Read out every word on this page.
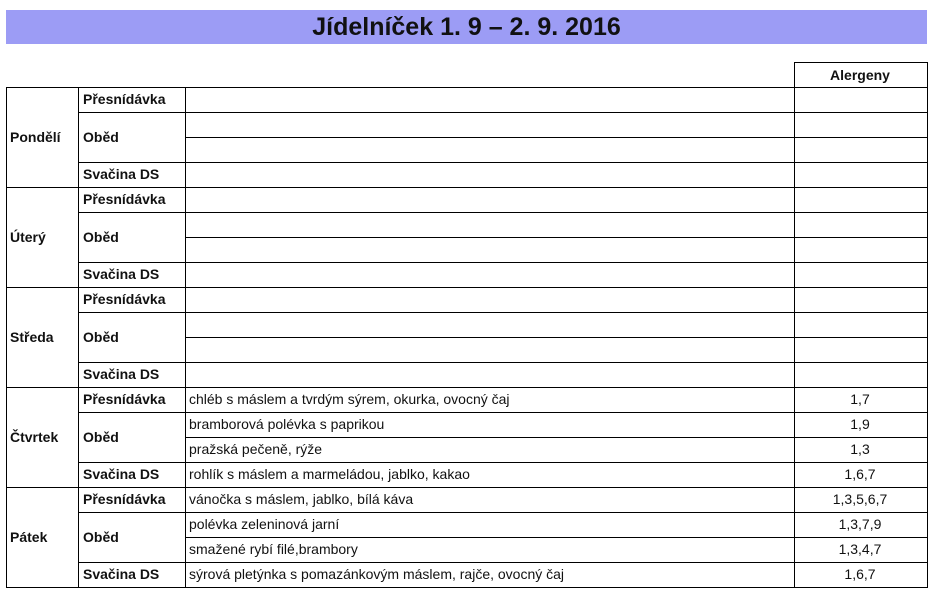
Jídelníček 1. 9 – 2. 9. 2016
Alergeny
Pondělí
Přesnídávka
Oběd
Svačina DS
Úterý
Přesnídávka
Oběd
Svačina DS
Středa
Přesnídávka
Oběd
Svačina DS
Čtvrtek
Přesnídávka
Oběd
Svačina DS
chléb s máslem a tvrdým sýrem, okurka, ovocný čaj
bramborová polévka s paprikou
pražská pečeně, rýže
rohlík s máslem a marmeládou, jablko, kakao
1,7
1,9
1,3
1,6,7
Pátek
Přesnídávka
Oběd
Svačina DS
vánočka s máslem, jablko, bílá káva
polévka zeleninová jarní
smažené rybí filé,brambory
sýrová pletýnka s pomazánkovým máslem, rajče, ovocný čaj
1,3,5,6,7
1,3,7,9
1,3,4,7
1,6,7
